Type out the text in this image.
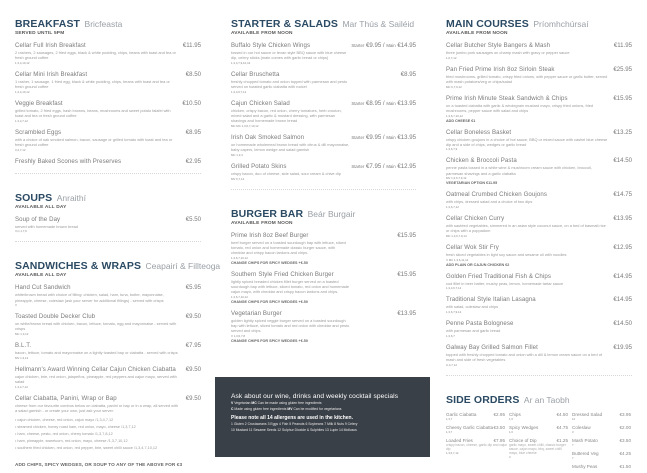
BREAKFAST Bricfeasta
SERVED UNTIL 5PM
Cellar Full Irish Breakfast	€11.95
2 rashers, 2 sausages, 2 fried eggs, black & white pudding, chips, beans with toast and tea or fresh ground coffee
1,3,4,10,12
Cellar Mini Irish Breakfast	€8.50
1 rasher, 1 sausage, 1 fried egg, black & white pudding, chips, beans with toast and tea or fresh ground coffee
1,3,4,10,12
Veggie Breakfast	€10.50
grilled tomato, 2 fried eggs, hash browns, beans, mushrooms and sweet potato falafel with toast and tea or fresh ground coffee
1,3,4,7,12
Scrambled Eggs	€8.95
with a choice of oak smoked salmon, bacon, sausage or grilled tomato with toast and tea or fresh ground coffee
3,4,7,12
Freshly Baked Scones with Preserves	€2.95
SOUPS Anraithí
AVAILABLE ALL DAY
Soup of the Day	€5.50
served with homemade brown bread
V,C,1,7,9
SANDWICHES & WRAPS Ceapairí & Fillteoga
AVAILABLE ALL DAY
Hand Cut Sandwich	€5.95
white/brown bread with choice of filling: chicken, salad, ham, tuna, butter, mayonnaise, pineapple, cheese, coleslaw (ask your server for additional fillings) - served with crisps
V
Toasted Double Decker Club	€9.50
on white/brown bread with chicken, bacon, lettuce, tomato, egg and mayonnaise - served with crisps
MC 1,3,12
B.L.T.	€7.95
bacon, lettuce, tomato and mayonnaise on a lightly toasted bap or ciabatta - served with crisps
MV 1,3,12
Hellmann's Award Winning Cellar Cajun Chicken Ciabatta €9.50
cajun chicken, brie, red onion, jalapeños, pineapple, red peppers and cajun mayo, served with salad
1,3,4,7,12
Cellar Ciabatta, Panini, Wrap or Bap	€9.50
cheese from our favourite combos below on ciabatta, panini or bap or in a wrap, all served with a salad garnish - or create your own, just ask your server.
• cajun chicken, cheese, red onion, cajun mayo /1,3,4,7,12
• steamed chicken, honey roast ham, red onion, mayo, cheese /1,3,7,12
• ham, cheese, pesto, red onion, cherry tomato /1,3,7,8,12
• ham, pineapple, sweetcorn, red onion, mayo, cheese /1,3,7,10,12
• southern fried chicken, red onion, red pepper, brie, sweet chilli sauce /1,3,4,7,10,12
ADD CHIPS, SPICY WEDGES, OR SOUP TO ANY OF THE ABOVE FOR €3
STARTER & SALADS Mar Thús & Sailéid
AVAILABLE FROM NOON
Buffalo Style Chicken Wings	Starter €9.95 / Main €14.95
tossed in our hot sauce or texan style BBQ sauce with blue cheese dip, celery sticks (main comes with garlic bread or chips)
1,3,4,7,9,10,12
Cellar Bruschetta	€8.95
freshly chopped tomato and onion topped with parmesan and pesto served on toasted garlic ciabatta with rocket
1,3,4,6,7,12
Cajun Chicken Salad	Starter €8.95 / Main €13.95
chicken, crispy bacon, red onion, cherry tomatoes, herb crouton, mixed salad and a garlic & mustard dressing, with parmesan shavings and homemade brown bread
MC MC 1,3,6,7,10,12
Irish Oak Smoked Salmon	Starter €9.95 / Main €13.95
on homemade wholemeal brown bread with citrus & dill mayonnaise, baby capers, lemon wedge and salad garnish
MC 1,3,4
Grilled Potato Skins	Starter €7.95 / Main €12.95
crispy bacon, duo of cheese, side salad, sour cream & chive dip
MV 6,7,12
BURGER BAR Beár Burgair
AVAILABLE FROM NOON
Prime Irish 8oz Beef Burger	€15.95
beef burger served on a toasted sourdough bap with lettuce, sliced tomato, red onion and homemade classic burger sauce, with cheddar and crispy bacon lardons and chips.
1,3,6,7,10,12
CHANGE CHIPS FOR SPICY WEDGES +€.50
Southern Style Fried Chicken Burger	€15.95
lightly spiced breaded chicken fillet burger served on a toasted sourdough bap with lettuce, sliced tomato, red onion and homemade cajun mayo, with cheddar and crispy bacon lardons and chips.
1,3,6,7,10,12
CHANGE CHIPS FOR SPICY WEDGES +€.50
Vegetarian Burger	€13.95
golden lightly spiced veggie burger served on a toasted sourdough bap with lettuce, sliced tomato and red onion with cheddar and pesto served and chips.
V 1,3,6,7,8
CHANGE CHIPS FOR SPICY WEDGES +€.50
Ask about our wine, drinks and weekly cocktail specials
V Vegetarian MC Can be made using gluten free ingredients
C Made using gluten free ingredients MV Can be modified for vegetarians
Please note all 14 allergens are used in the kitchen.
1 Gluten 2 Crustaceans 3 Eggs 4 Fish 5 Peanuts 6 Soybeans 7 Milk 8 Nuts 9 Celery
10 Mustard 11 Sesame Seeds 12 Sulphur Dioxide & Sulphites 13 Lupin 14 Molluscs
MAIN COURSES Príomhchúrsaí
AVAILABLE FROM NOON
Cellar Butcher Style Bangers & Mash	€11.95
three jumbo pork sausages on champ mash with gravy or pepper sauce
1,6,7,12
Pan Fried Prime Irish 8oz Sirloin Steak	€25.95
fried mushrooms, grilled tomato, crispy fried onions, with pepper sauce or garlic butter, served with mash potatoes/veg or chips/salad
MC 6,7,9,12
Prime Irish Minute Steak Sandwich & Chips	€15.95
on a toasted ciabatta with garlic & wholegrain mustard mayo, crispy fried onions, fried mushrooms, pepper sauce with salad and chips
1,3,6,7,10,12
ADD CHEESE €1
Cellar Boneless Basket	€13.25
crispy chicken goujons in a choice of hot sauce, BBQ or mixed sauce with cashel blue cheese dip and a side of chips, wedges or garlic bread
1,3,6,7,9
Chicken & Broccoli Pasta	€14.50
penne pasta tossed in a white wine & mushroom cream sauce with chicken, broccoli, parmesan shavings and a garlic ciabatta
MV 1,3,6,7,9,12
VEGETARIAN OPTION €11.95
Oatmeal Crumbed Chicken Goujons	€14.75
with chips, dressed salad and a choice of two dips
1,3,6,7,12
Cellar Chicken Curry	€13.95
with sautéed vegetables, simmered in an asian style coconut sauce, on a bed of basmati rice or chips with a poppadom
MC 1,3,6,7,9,14
Cellar Wok Stir Fry	€12.95
fresh sliced vegetables in light soy sauce and sesame oil with noodles
V MC 1,3,6,11,12
ADD PLAIN OR CAJUN CHICKEN €2
Golden Fried Traditional Fish & Chips	€14.95
cod fillet in beer batter, mushy peas, lemon, homemade tartar sauce
1,3,4,6,7,12
Traditional Style Italian Lasagna	€14.95
with salad, coleslaw and chips
1,3,6,7,9,12
Penne Pasta Bolognese	€14.50
with parmesan and garlic bread
1,3,6,7
Galway Bay Grilled Salmon Fillet	€19.95
topped with freshly chopped tomato and onion with a dill & lemon cream sauce on a bed of mash and side of fresh vegetables
C,4,7,12
SIDE ORDERS Ar an Taobh
Garlic Ciabatta	€2.95
1,3,7
Cheesy Garlic Ciabatta €3.50
1,3,7
Loaded Fries	€7.95
crispy bacon, cheese, garlic dip and cajun dip
1,3,6,7,12
Chips	€4.50
1,6
Spicy Wedges	€4.75
1,6
Choice of Dip	€1.25
garlic mayo, sweet chilli, classic burger sauce, cajun mayo, bbq, sweet chilli mayo, blue cheese
3
Dressed Salad	€3.95
12
Coleslaw	€2.00
3
Mash Potato	€3.50
7
Buttered Veg	€4.25
7
Mushy Peas	€1.50
